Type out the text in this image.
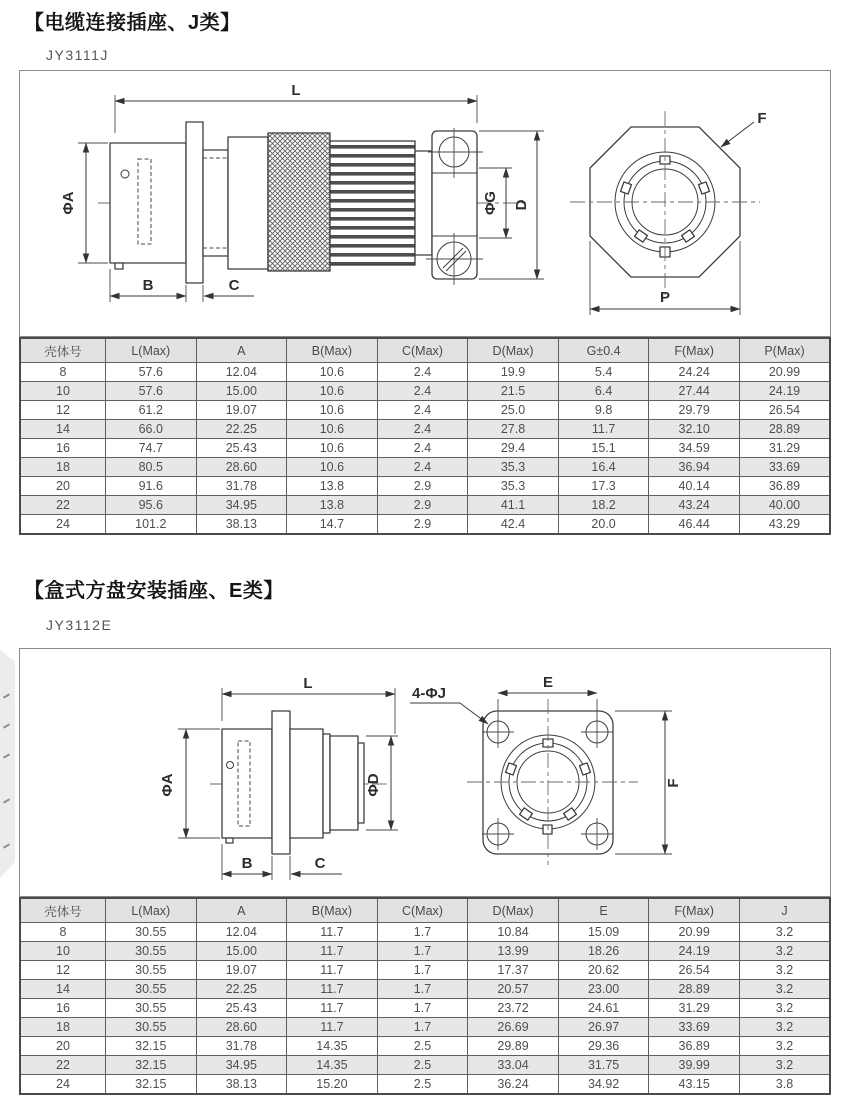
【电缆连接插座、J类】
JY3111J
L
ΦA
B	C
ΦG D
F
P
壳体号	L(Max)	A	B(Max)	C(Max)	D(Max)	G±0.4	F(Max)	P(Max)
8	57.6	12.04	10.6	2.4	19.9	5.4	24.24	20.99
10	57.6	15.00	10.6	2.4	21.5	6.4	27.44	24.19
12	61.2	19.07	10.6	2.4	25.0	9.8	29.79	26.54
14	66.0	22.25	10.6	2.4	27.8	11.7	32.10	28.89
16	74.7	25.43	10.6	2.4	29.4	15.1	34.59	31.29
18	80.5	28.60	10.6	2.4	35.3	16.4	36.94	33.69
20	91.6	31.78	13.8	2.9	35.3	17.3	40.14	36.89
22	95.6	34.95	13.8	2.9	41.1	18.2	43.24	40.00
24	101.2	38.13	14.7	2.9	42.4	20.0	46.44	43.29
【盒式方盘安装插座、E类】
JY3112E
L
ΦA	ΦD
B	C
E
F
4-ΦJ
壳体号	L(Max)	A	B(Max)	C(Max)	D(Max)	E	F(Max)	J
8	30.55	12.04	11.7	1.7	10.84	15.09	20.99	3.2
10	30.55	15.00	11.7	1.7	13.99	18.26	24.19	3.2
12	30.55	19.07	11.7	1.7	17.37	20.62	26.54	3.2
14	30.55	22.25	11.7	1.7	20.57	23.00	28.89	3.2
16	30.55	25.43	11.7	1.7	23.72	24.61	31.29	3.2
18	30.55	28.60	11.7	1.7	26.69	26.97	33.69	3.2
20	32.15	31.78	14.35	2.5	29.89	29.36	36.89	3.2
22	32.15	34.95	14.35	2.5	33.04	31.75	39.99	3.2
24	32.15	38.13	15.20	2.5	36.24	34.92	43.15	3.8
